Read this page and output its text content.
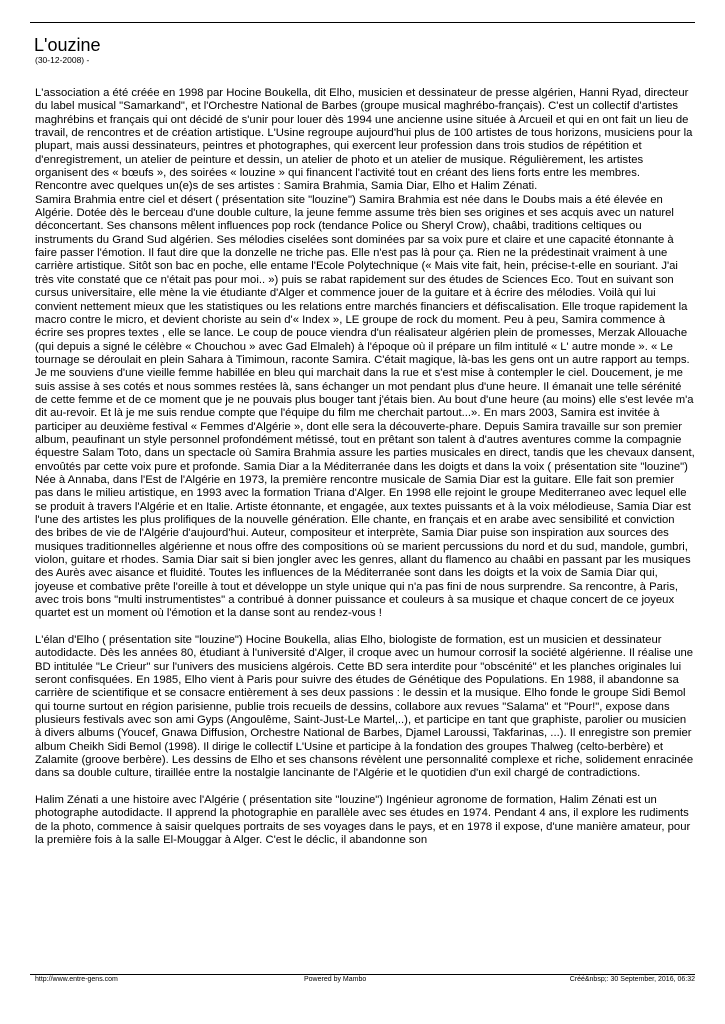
L'ouzine
(30-12-2008) -

L'association a été créée en 1998 par Hocine Boukella, dit Elho, musicien et dessinateur de presse algérien, Hanni Ryad, directeur du label musical "Samarkand", et l'Orchestre National de Barbes (groupe musical maghrébo-français). C'est un collectif d'artistes maghrébins et français qui ont décidé de s'unir pour louer dès 1994 une ancienne usine située à Arcueil et qui en ont fait un lieu de travail, de rencontres et de création artistique. L'Usine regroupe aujourd'hui plus de 100 artistes de tous horizons, musiciens pour la plupart, mais aussi dessinateurs, peintres et photographes, qui exercent leur profession dans trois studios de répétition et d'enregistrement, un atelier de peinture et dessin, un atelier de photo et un atelier de musique. Régulièrement, les artistes organisent des « bœufs », des soirées « louzine » qui financent l'activité tout en créant des liens forts entre les membres. Rencontre avec quelques un(e)s de ses artistes : Samira Brahmia, Samia Diar, Elho et Halim Zénati.

Samira Brahmia entre ciel et désert ( présentation site "louzine") Samira Brahmia est née dans le Doubs mais a été élevée en Algérie. Dotée dès le berceau d'une double culture, la jeune femme assume très bien ses origines et ses acquis avec un naturel déconcertant. Ses chansons mêlent influences pop rock (tendance Police ou Sheryl Crow), chaâbi, traditions celtiques ou instruments du Grand Sud algérien. Ses mélodies ciselées sont dominées par sa voix pure et claire et une capacité étonnante à faire passer l'émotion. Il faut dire que la donzelle ne triche pas. Elle n'est pas là pour ça. Rien ne la prédestinait vraiment à une carrière artistique. Sitôt son bac en poche, elle entame l'Ecole Polytechnique (« Mais vite fait, hein, précise-t-elle en souriant. J'ai très vite constaté que ce n'était pas pour moi.. ») puis se rabat rapidement sur des études de Sciences Eco. Tout en suivant son cursus universitaire, elle mène la vie étudiante d'Alger et commence jouer de la guitare et à écrire des mélodies. Voilà qui lui convient nettement mieux que les statistiques ou les relations entre marchés financiers et défiscalisation. Elle troque rapidement la macro contre le micro, et devient choriste au sein d'« Index », LE groupe de rock du moment. Peu à peu, Samira commence à écrire ses propres textes , elle se lance. Le coup de pouce viendra d'un réalisateur algérien plein de promesses, Merzak Allouache (qui depuis a signé le célèbre « Chouchou » avec Gad Elmaleh) à l'époque où il prépare un film intitulé « L' autre monde ». « Le tournage se déroulait en plein Sahara à Timimoun, raconte Samira. C'était magique, là-bas les gens ont un autre rapport au temps. Je me souviens d'une vieille femme habillée en bleu qui marchait dans la rue et s'est mise à contempler le ciel. Doucement, je me suis assise à ses cotés et nous sommes restées là, sans échanger un mot pendant plus d'une heure. Il émanait une telle sérénité de cette femme et de ce moment que je ne pouvais plus bouger tant j'étais bien. Au bout d'une heure (au moins) elle s'est levée m'a dit au-revoir. Et là je me suis rendue compte que l'équipe du film me cherchait partout...». En mars 2003, Samira est invitée à participer au deuxième festival « Femmes d'Algérie », dont elle sera la découverte-phare. Depuis Samira travaille sur son premier album, peaufinant un style personnel profondément métissé, tout en prêtant son talent à d'autres aventures comme la compagnie équestre Salam Toto, dans un spectacle où Samira Brahmia assure les parties musicales en direct, tandis que les chevaux dansent, envoûtés par cette voix pure et profonde. Samia Diar a la Méditerranée dans les doigts et dans la voix ( présentation site "louzine") Née à Annaba, dans l'Est de l'Algérie en 1973, la première rencontre musicale de Samia Diar est la guitare. Elle fait son premier pas dans le milieu artistique, en 1993 avec la formation Triana d'Alger. En 1998 elle rejoint le groupe Mediterraneo avec lequel elle se produit à travers l'Algérie et en Italie. Artiste étonnante, et engagée, aux textes puissants et à la voix mélodieuse, Samia Diar est l'une des artistes les plus prolifiques de la nouvelle génération. Elle chante, en français et en arabe avec sensibilité et conviction des bribes de vie de l'Algérie d'aujourd'hui. Auteur, compositeur et interprète, Samia Diar puise son inspiration aux sources des musiques traditionnelles algérienne et nous offre des compositions où se marient percussions du nord et du sud, mandole, gumbri, violon, guitare et rhodes. Samia Diar sait si bien jongler avec les genres, allant du flamenco au chaâbi en passant par les musiques des Aurès avec aisance et fluidité. Toutes les influences de la Méditerranée sont dans les doigts et la voix de Samia Diar qui, joyeuse et combative prête l'oreille à tout et développe un style unique qui n'a pas fini de nous surprendre. Sa rencontre, à Paris, avec trois bons "multi instrumentistes" a contribué à donner puissance et couleurs à sa musique et chaque concert de ce joyeux quartet est un moment où l'émotion et la danse sont au rendez-vous !

L'élan d'Elho ( présentation site "louzine") Hocine Boukella, alias Elho, biologiste de formation, est un musicien et dessinateur autodidacte. Dès les années 80, étudiant à l'université d'Alger, il croque avec un humour corrosif la société algérienne. Il réalise une BD intitulée "Le Crieur" sur l'univers des musiciens algérois. Cette BD sera interdite pour "obscénité" et les planches originales lui seront confisquées. En 1985, Elho vient à Paris pour suivre des études de Génétique des Populations. En 1988, il abandonne sa carrière de scientifique et se consacre entièrement à ses deux passions : le dessin et la musique. Elho fonde le groupe Sidi Bemol qui tourne surtout en région parisienne, publie trois recueils de dessins, collabore aux revues "Salama" et "Pour!", expose dans plusieurs festivals avec son ami Gyps (Angoulême, Saint-Just-Le Martel,..), et participe en tant que graphiste, parolier ou musicien à divers albums (Youcef, Gnawa Diffusion, Orchestre National de Barbes, Djamel Laroussi, Takfarinas, ...). Il enregistre son premier album Cheikh Sidi Bemol (1998). Il dirige le collectif L'Usine et participe à la fondation des groupes Thalweg (celto-berbère) et Zalamite (groove berbère). Les dessins de Elho et ses chansons révèlent une personnalité complexe et riche, solidement enracinée dans sa double culture, tiraillée entre la nostalgie lancinante de l'Algérie et le quotidien d'un exil chargé de contradictions.

Halim Zénati a une histoire avec l'Algérie ( présentation site "louzine") Ingénieur agronome de formation, Halim Zénati est un photographe autodidacte. Il apprend la photographie en parallèle avec ses études en 1974. Pendant 4 ans, il explore les rudiments de la photo, commence à saisir quelques portraits de ses voyages dans le pays, et en 1978 il expose, d'une manière amateur, pour la première fois à la salle El-Mouggar à Alger. C'est le déclic, il abandonne son

http://www.entre-gens.com	Powered by Mambo	Créé&nbsp;: 30 September, 2016, 06:32
